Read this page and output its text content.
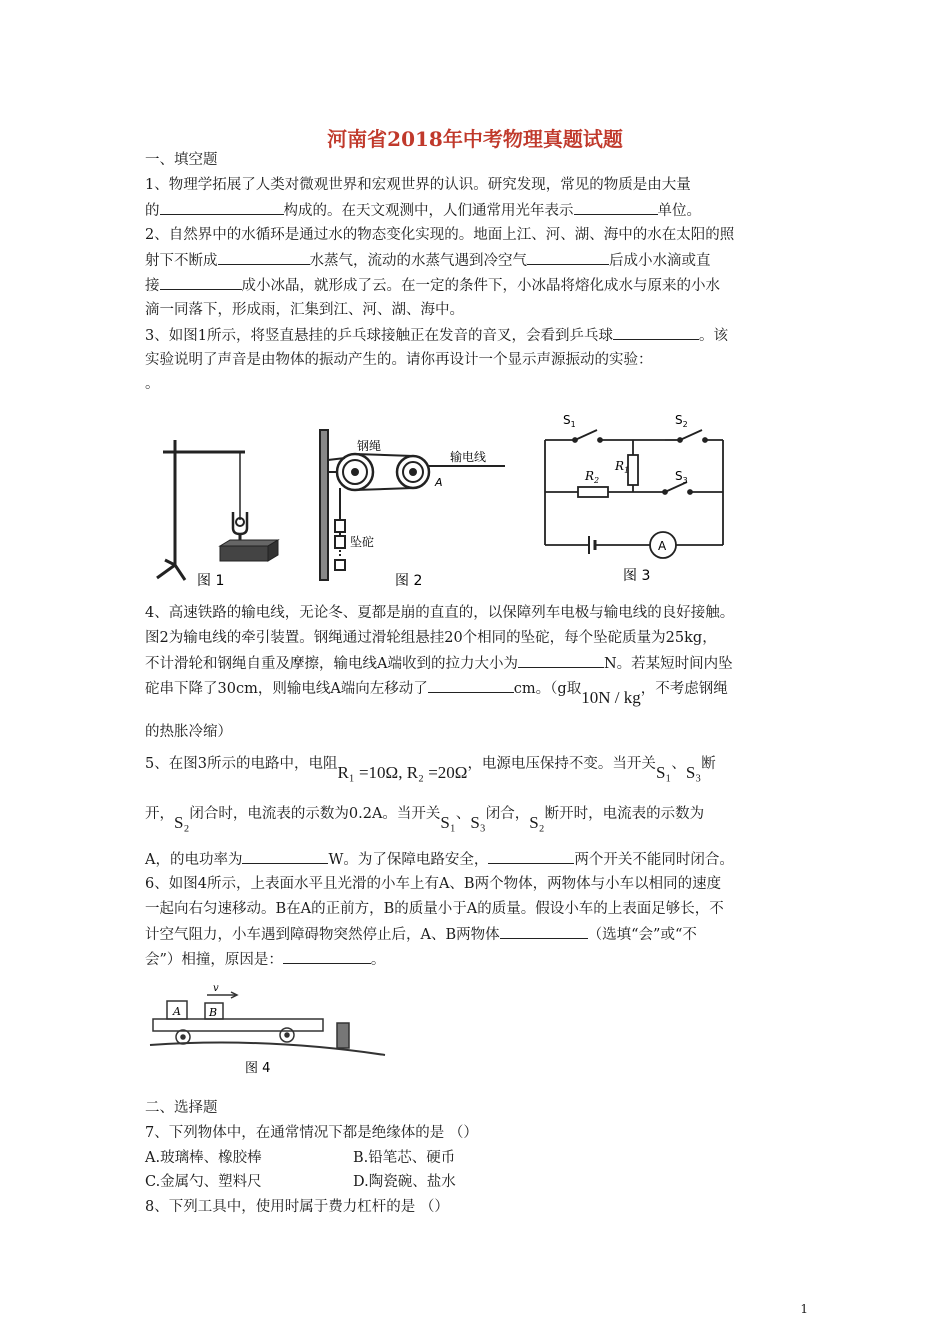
河南省2018年中考物理真题试题
一、填空题
1、物理学拓展了人类对微观世界和宏观世界的认识。研究发现，常见的物质是由大量
的	构成的。在天文观测中，人们通常用光年表示	单位。
2、自然界中的水循环是通过水的物态变化实现的。地面上江、河、湖、海中的水在太阳的照
射下不断成	水蒸气，流动的水蒸气遇到冷空气	后成小水滴或直
接	成小冰晶，就形成了云。在一定的条件下，小冰晶将熔化成水与原来的小水
滴一同落下，形成雨，汇集到江、河、湖、海中。
3、如图1所示，将竖直悬挂的乒乓球接触正在发音的音叉，会看到乒乓球	。该
实验说明了声音是由物体的振动产生的。请你再设计一个显示声源振动的实验：
。
图 1
钢绳
输电线
A
坠砣
图 2
$S_1$	$S_2$
$S_3$
$R_1$
$R_2$
A
图 3
4、高速铁路的输电线，无论冬、夏都是崩的直直的，以保障列车电极与输电线的良好接触。
图2为输电线的牵引装置。钢绳通过滑轮组悬挂20个相同的坠砣，每个坠砣质量为25kg，
不计滑轮和钢绳自重及摩擦，输电线A端收到的拉力大小为	N。若某短时间内坠
砣串下降了30cm，则输电线A端向左移动了	cm。（g取10N / kg，不考虑钢绳
的热胀冷缩）
5、在图3所示的电路中，电阻R₁ =10Ω, R₂ =20Ω，电源电压保持不变。当开关S₁、S₃断
开，S₂闭合时，电流表的示数为0.2A。当开关S₁、S₃闭合，S₂断开时，电流表的示数为
A，的电功率为	W。为了保障电路安全，	两个开关不能同时闭合。
6、如图4所示，上表面水平且光滑的小车上有A、B两个物体，两物体与小车以相同的速度
一起向右匀速移动。B在A的正前方，B的质量小于A的质量。假设小车的上表面足够长，不
计空气阻力，小车遇到障碍物突然停止后，A、B两物体	（选填“会”或“不
会”）相撞，原因是：	。
v
A	B
图 4
二、选择题
7、下列物体中，在通常情况下都是绝缘体的是 （）
A.玻璃棒、橡胶棒	B.铅笔芯、硬币
C.金属勺、塑料尺	D.陶瓷碗、盐水
8、下列工具中，使用时属于费力杠杆的是 （）
1
